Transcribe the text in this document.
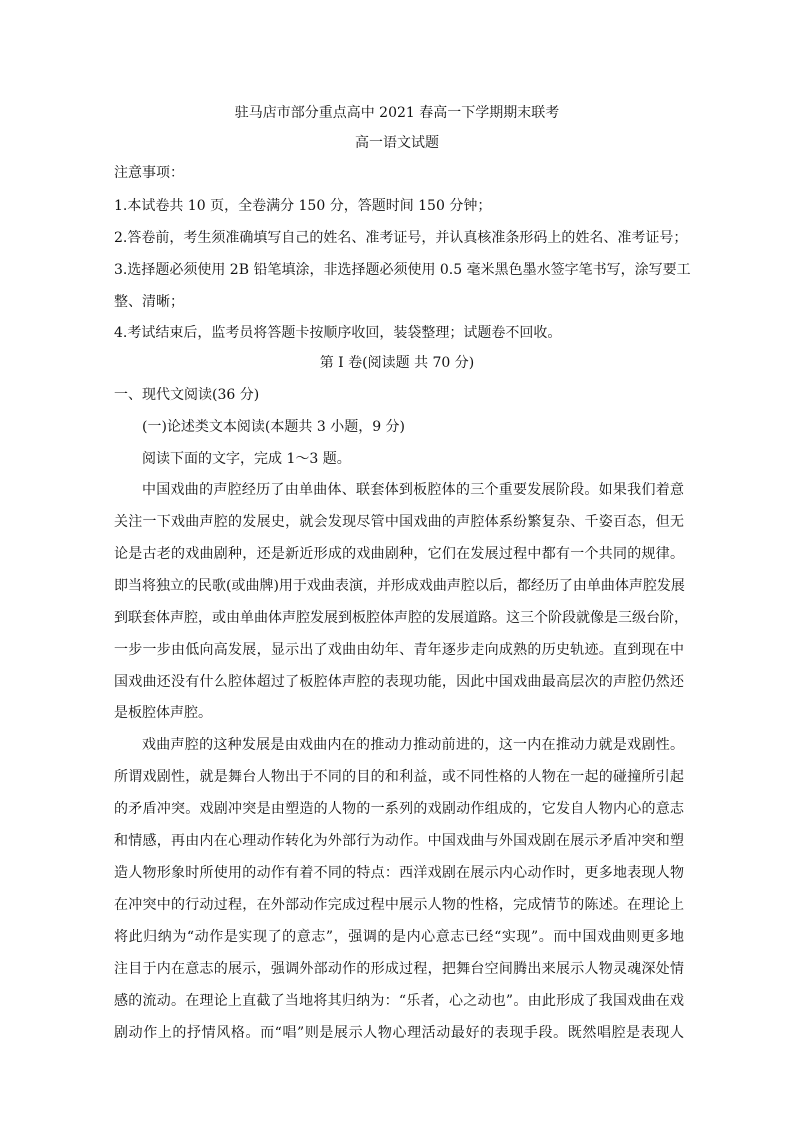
驻马店市部分重点高中 2021 春高一下学期期末联考
高一语文试题
注意事项：
1.本试卷共 10 页，全卷满分 150 分，答题时间 150 分钟；
2.答卷前，考生须准确填写自己的姓名、准考证号，并认真核准条形码上的姓名、准考证号；
3.选择题必须使用 2B 铅笔填涂，非选择题必须使用 0.5 毫米黑色墨水签字笔书写，涂写要工
整、清晰；
4.考试结束后，监考员将答题卡按顺序收回，装袋整理；试题卷不回收。
第 I 卷(阅读题 共 70 分)
一、现代文阅读(36 分)
(一)论述类文本阅读(本题共 3 小题，9 分)
阅读下面的文字，完成 1～3 题。
中国戏曲的声腔经历了由单曲体、联套体到板腔体的三个重要发展阶段。如果我们着意
关注一下戏曲声腔的发展史，就会发现尽管中国戏曲的声腔体系纷繁复杂、千姿百态，但无
论是古老的戏曲剧种，还是新近形成的戏曲剧种，它们在发展过程中都有一个共同的规律。
即当将独立的民歌(或曲牌)用于戏曲表演，并形成戏曲声腔以后，都经历了由单曲体声腔发展
到联套体声腔，或由单曲体声腔发展到板腔体声腔的发展道路。这三个阶段就像是三级台阶，
一步一步由低向高发展，显示出了戏曲由幼年、青年逐步走向成熟的历史轨迹。直到现在中
国戏曲还没有什么腔体超过了板腔体声腔的表现功能，因此中国戏曲最高层次的声腔仍然还
是板腔体声腔。
戏曲声腔的这种发展是由戏曲内在的推动力推动前进的，这一内在推动力就是戏剧性。
所谓戏剧性，就是舞台人物出于不同的目的和利益，或不同性格的人物在一起的碰撞所引起
的矛盾冲突。戏剧冲突是由塑造的人物的一系列的戏剧动作组成的，它发自人物内心的意志
和情感，再由内在心理动作转化为外部行为动作。中国戏曲与外国戏剧在展示矛盾冲突和塑
造人物形象时所使用的动作有着不同的特点：西洋戏剧在展示内心动作时，更多地表现人物
在冲突中的行动过程，在外部动作完成过程中展示人物的性格，完成情节的陈述。在理论上
将此归纳为“动作是实现了的意志”，强调的是内心意志已经“实现”。而中国戏曲则更多地
注目于内在意志的展示，强调外部动作的形成过程，把舞台空间腾出来展示人物灵魂深处情
感的流动。在理论上直截了当地将其归纳为：“乐者，心之动也”。由此形成了我国戏曲在戏
剧动作上的抒情风格。而“唱”则是展示人物心理活动最好的表现手段。既然唱腔是表现人
